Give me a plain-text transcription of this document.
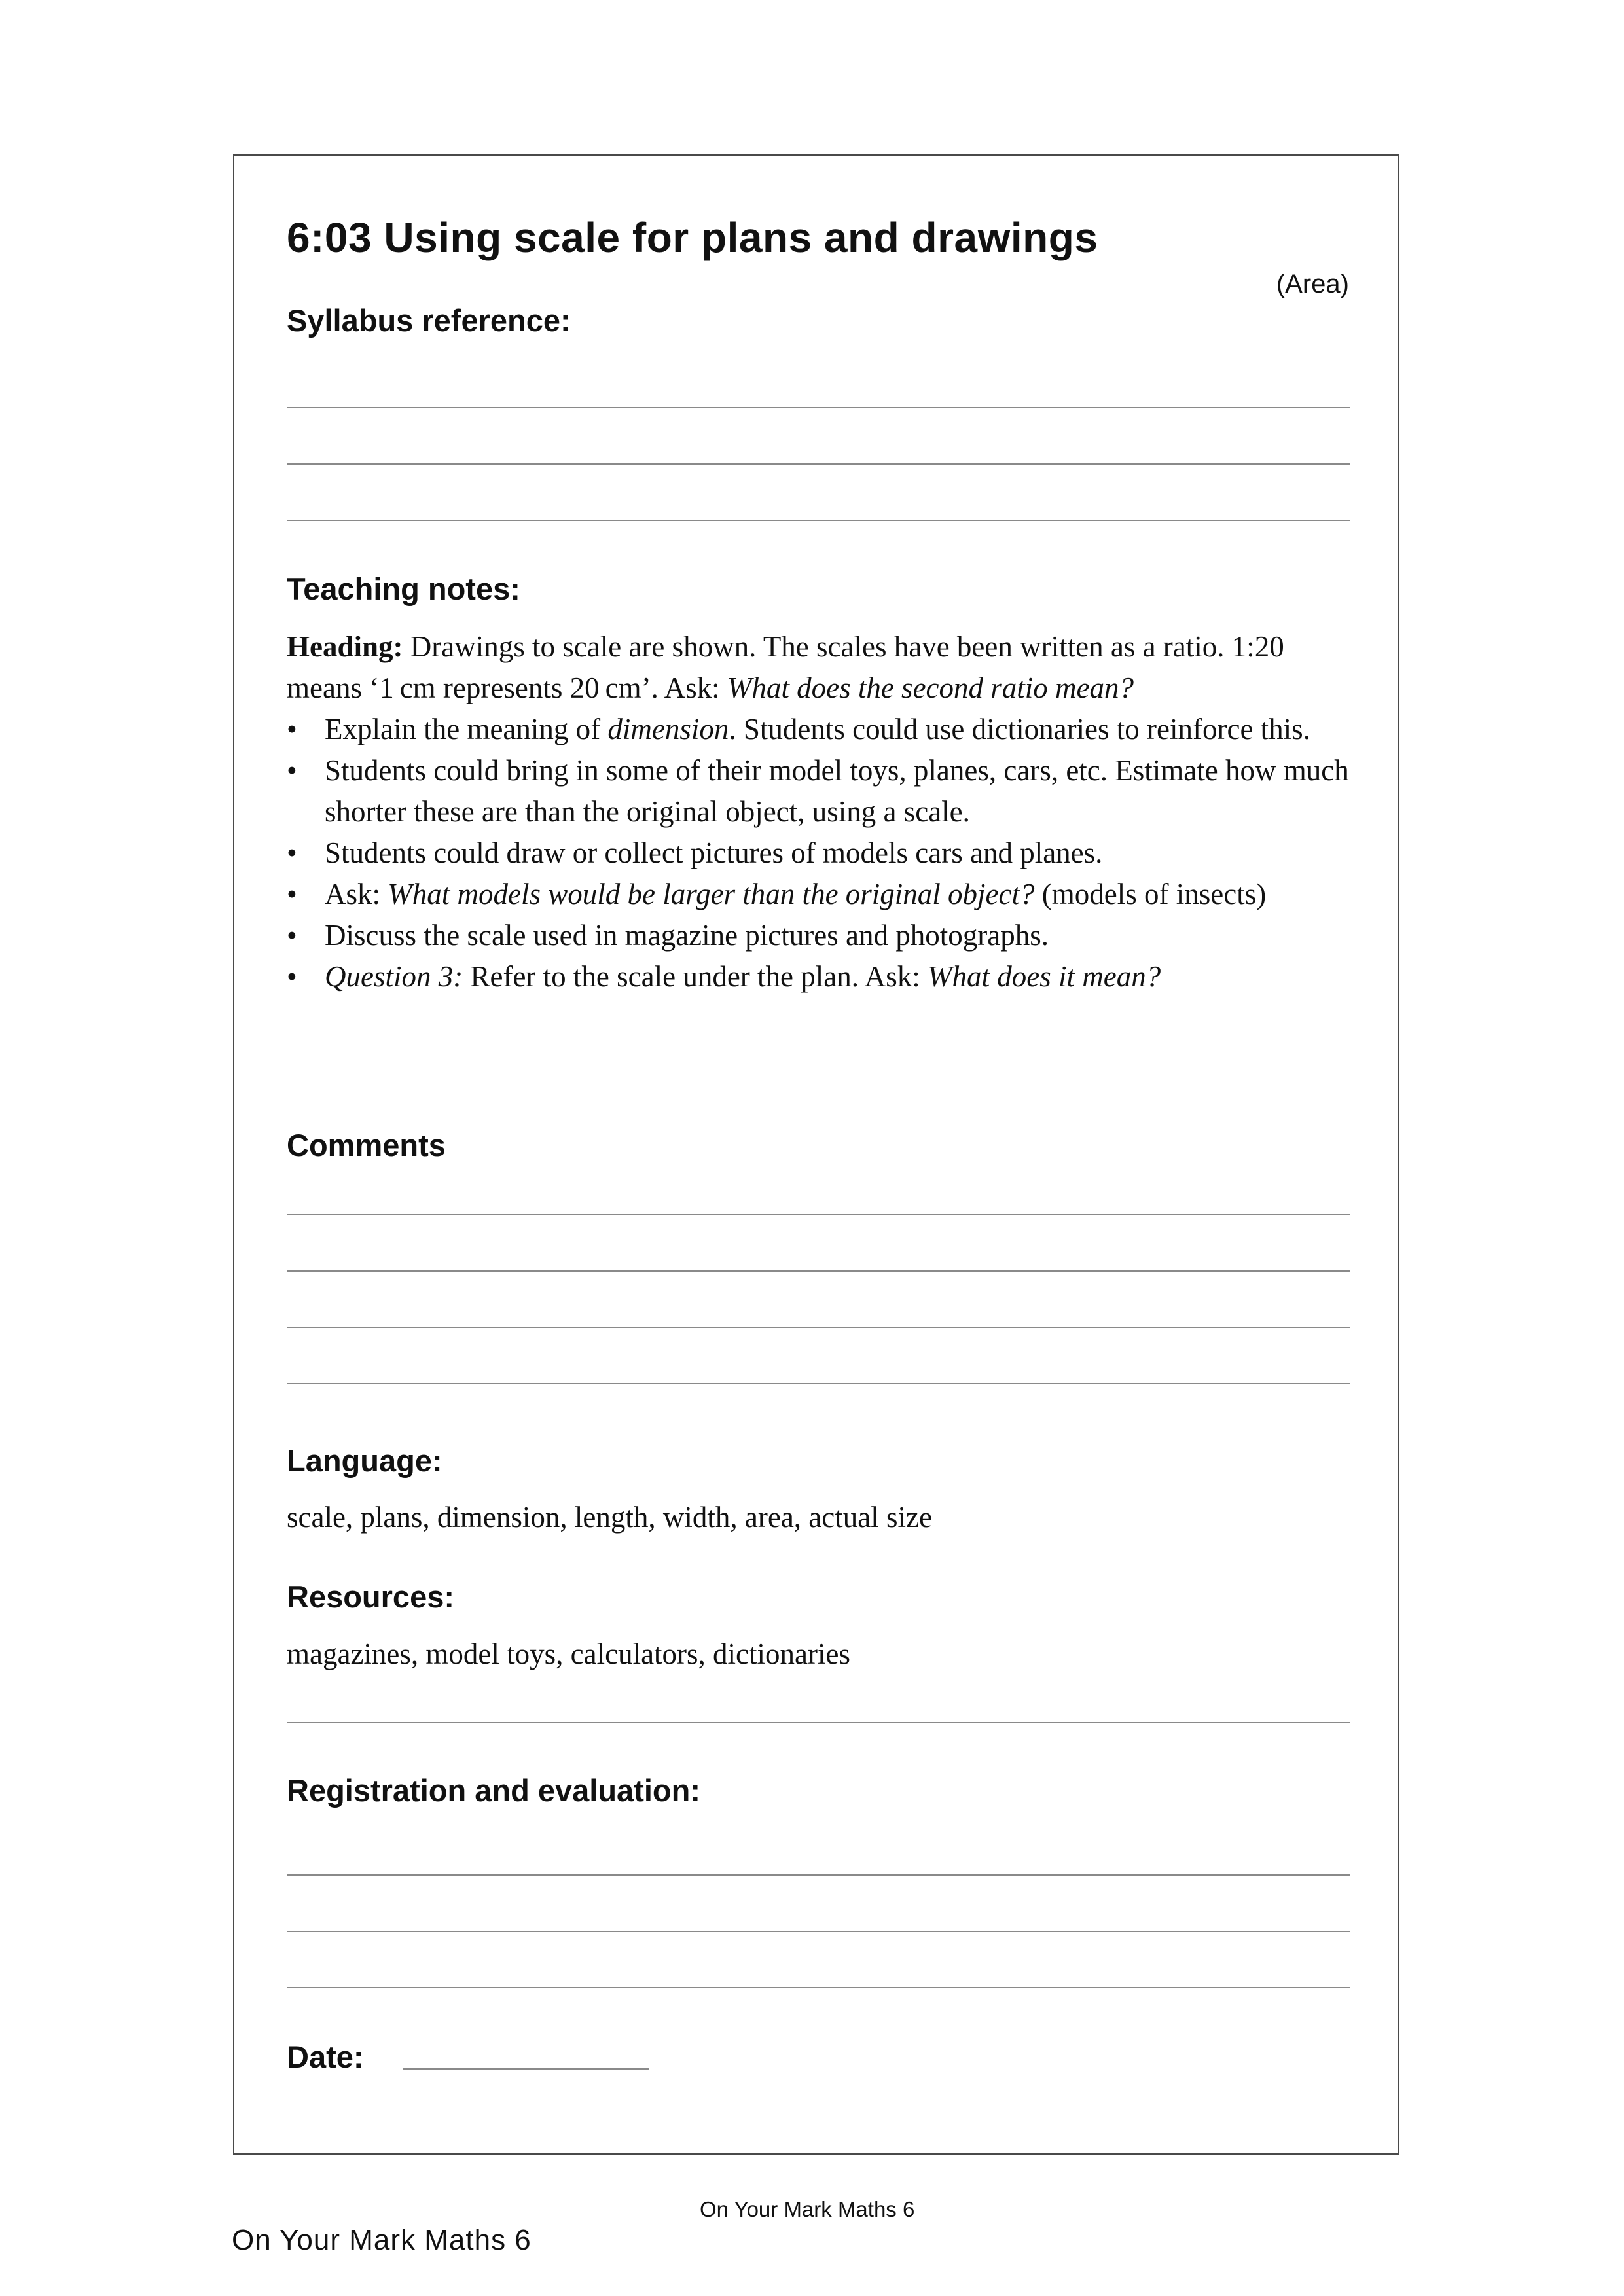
6:03 Using scale for plans and drawings
(Area)
Syllabus reference:
Teaching notes:

Heading: Drawings to scale are shown. The scales have been written as a ratio. 1:20 means ‘1 cm represents 20 cm’. Ask: What does the second ratio mean?

• Explain the meaning of dimension. Students could use dictionaries to reinforce this.
• Students could bring in some of their model toys, planes, cars, etc. Estimate how much shorter these are than the original object, using a scale.
• Students could draw or collect pictures of models cars and planes.
• Ask: What models would be larger than the original object? (models of insects)
• Discuss the scale used in magazine pictures and photographs.
• Question 3: Refer to the scale under the plan. Ask: What does it mean?
Comments
Language:
scale, plans, dimension, length, width, area, actual size
Resources:
magazines, model toys, calculators, dictionaries
Registration and evaluation:
Date:
On Your Mark Maths 6
On Your Mark Maths 6
